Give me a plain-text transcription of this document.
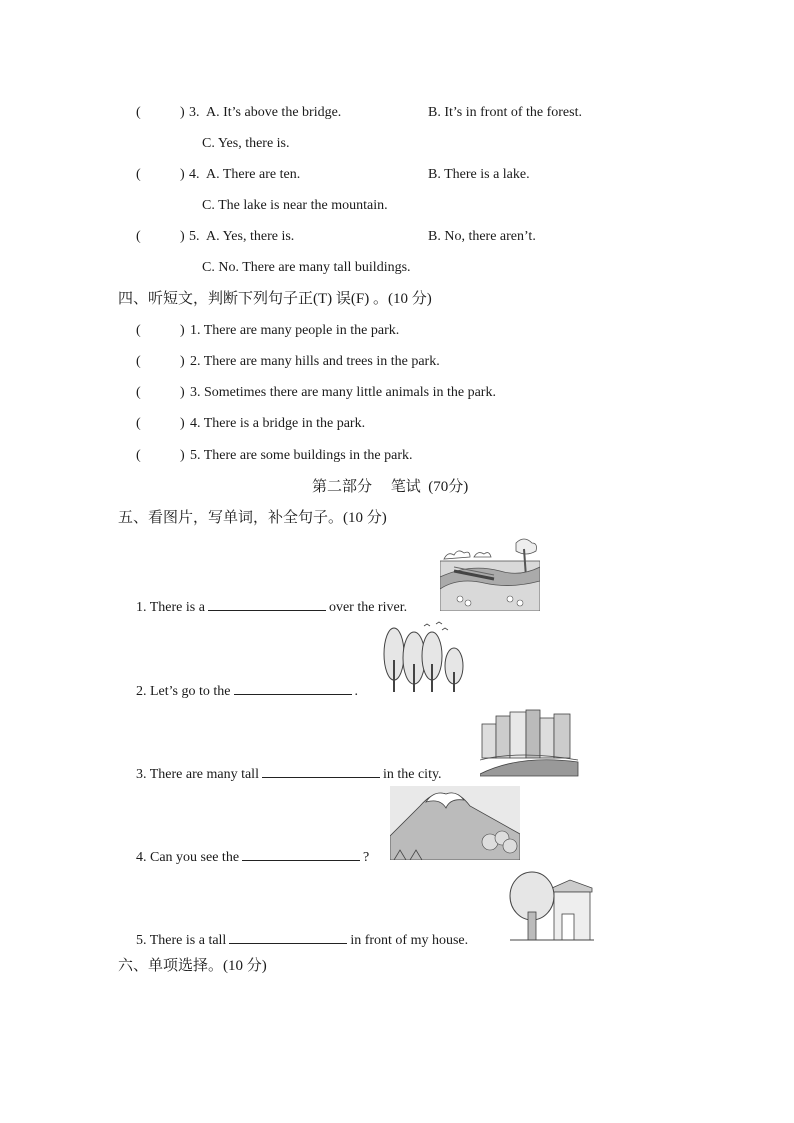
(	) 3. A. It’s above the bridge.	B. It’s in front of the forest.
C. Yes, there is.
(	) 4. A. There are ten.	B. There is a lake.
C. The lake is near the mountain.
(	) 5. A. Yes, there is.	B. No, there aren’t.
C. No. There are many tall buildings.
四、听短文，判断下列句子正(T) 误(F) 。(10 分)
(	) 1. There are many people in the park.
(	) 2. There are many hills and trees in the park.
(	) 3. Sometimes there are many little animals in the park.
(	) 4. There is a bridge in the park.
(	) 5. There are some buildings in the park.
第二部分     笔试  (70分)
五、看图片，写单词，补全句子。(10 分)
1. There is a	over the river.
2. Let’s go to the	.
3. There are many tall	in the city.
4. Can you see the	?
5. There is a tall	in front of my house.
六、单项选择。(10 分)
